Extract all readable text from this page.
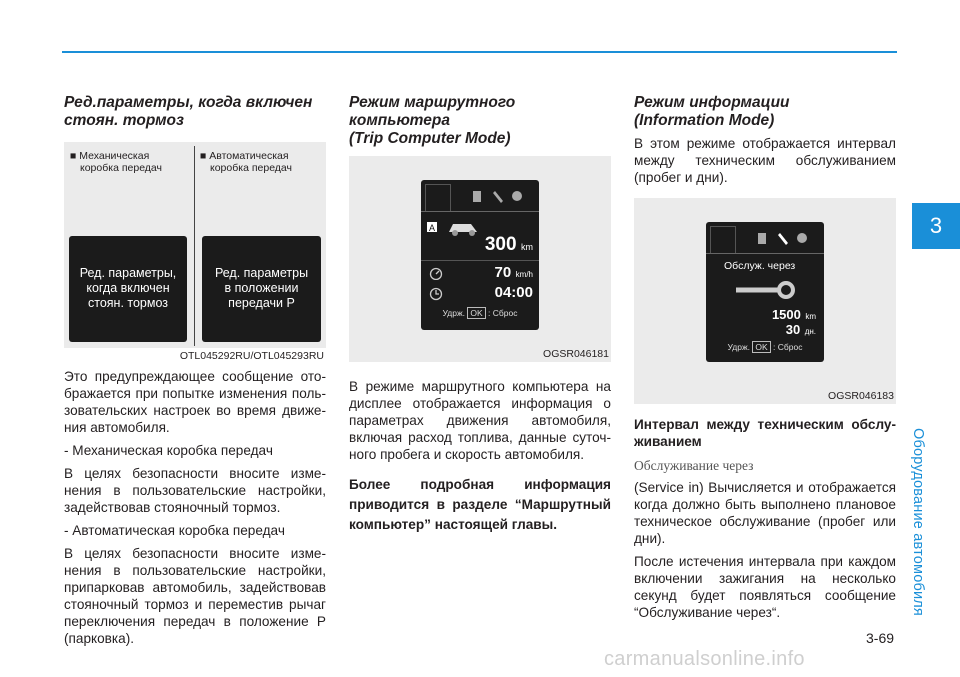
3
Оборудование автомобиля
Ред.параметры, когда включен
стоян. тормоз
■ Механическая
коробка передач
■ Автоматическая
коробка передач
Ред. параметры,
когда включен
стоян. тормоз
Ред. параметры
в положении
передачи P
OTL045292RU/OTL045293RU

Это предупреждающее сообщение ото-бражается при попытке изменения поль-зовательских настроек во время движе-ния автомобиля.

- Механическая коробка передач

В целях безопасности вносите изме-нения в пользовательские настройки, задействовав стояночный тормоз.

- Автоматическая коробка передач

В целях безопасности вносите изме-нения в пользовательские настройки, припарковав автомобиль, задействовав стояночный тормоз и переместив рычаг переключения передач в положение P (парковка).

Режим маршрутного
компьютера
(Trip Computer Mode)
A
300 km
70 km/h
04:00
Удрж. OK : Сброс
OGSR046181

В режиме маршрутного компьютера на дисплее отображается информация о параметрах движения автомобиля, включая расход топлива, данные суточ-ного пробега и скорость автомобиля.

Более подробная информация приводится в разделе “Маршрутный компьютер” настоящей главы.

Режим информации
(Information Mode)

В этом режиме отображается интервал между техническим обслуживанием (пробег и дни).

Обслуж. через
1500 km
30 дн.
Удрж. OK : Сброс
OGSR046183

Интервал между техническим обслу-живанием

Обслуживание через

(Service in) Вычисляется и отображается когда должно быть выполнено плановое техническое обслуживание (пробег или дни).

После истечения интервала при каждом включении зажигания на несколько секунд будет появляться сообщение “Обслуживание через“.

3-69
carmanualsonline.info
